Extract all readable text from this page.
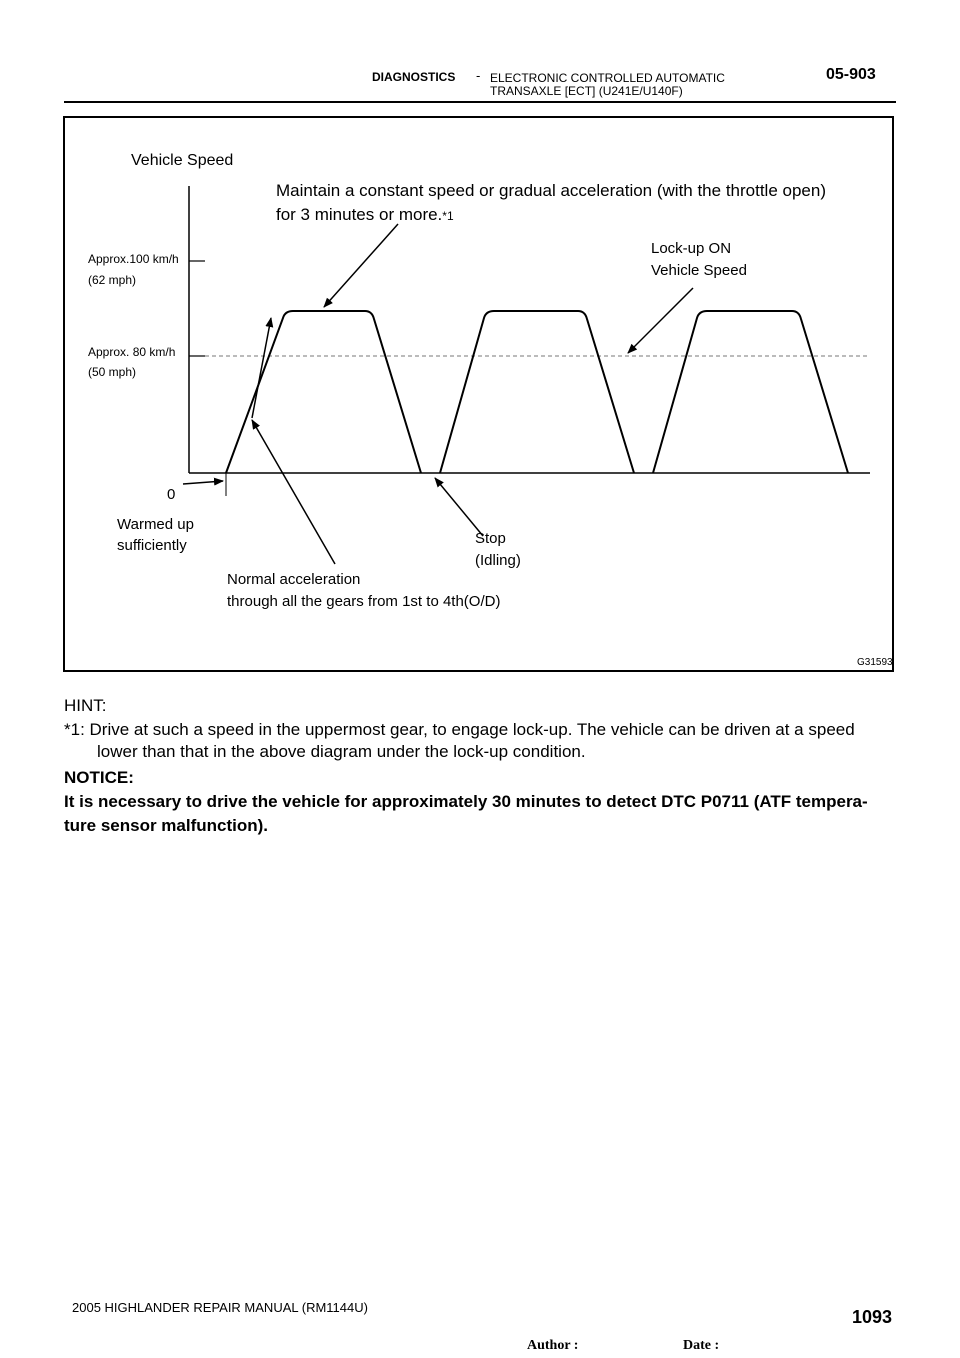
DIAGNOSTICS - ELECTRONIC CONTROLLED AUTOMATIC
TRANSAXLE [ECT] (U241E/U140F)
05-903
Vehicle Speed
Maintain a constant speed or gradual acceleration (with the throttle open)
for 3 minutes or more.*1
Approx.100 km/h
(62 mph)
Approx. 80 km/h
(50 mph)
Lock-up ON
Vehicle Speed
0
Warmed up
sufficiently	Stop
(Idling)
Normal acceleration
through all the gears from 1st to 4th(O/D)
G31593
HINT:
*1: Drive at such a speed in the uppermost gear, to engage lock-up. The vehicle can be driven at a speed
lower than that in the above diagram under the lock-up condition.
NOTICE:
It is necessary to drive the vehicle for approximately 30 minutes to detect DTC P0711 (ATF tempera-
ture sensor malfunction).
2005 HIGHLANDER REPAIR MANUAL (RM1144U)	1093
Author :	Date :
